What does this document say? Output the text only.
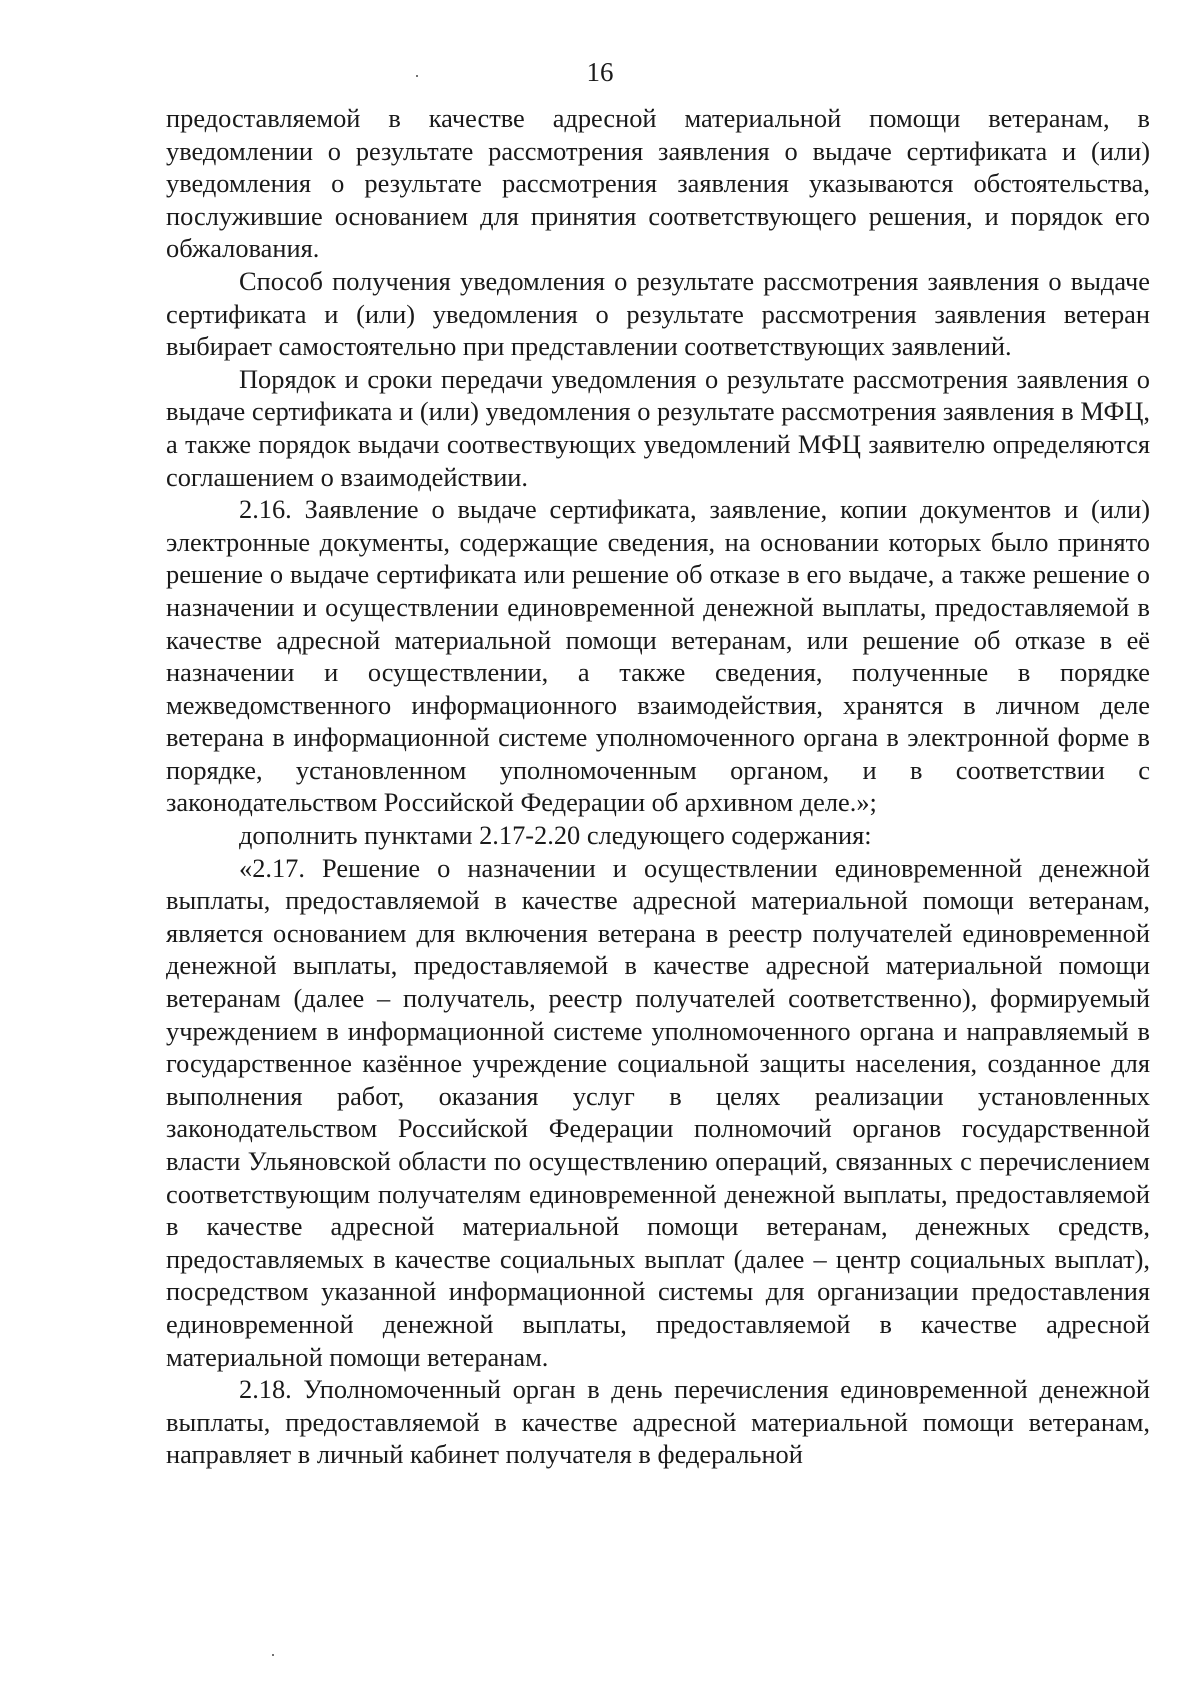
16

предоставляемой в качестве адресной материальной помощи ветеранам, в уведомлении о результате рассмотрения заявления о выдаче сертификата и (или) уведомления о результате рассмотрения заявления указываются обстоятельства, послужившие основанием для принятия соответствующего решения, и порядок его обжалования.

Способ получения уведомления о результате рассмотрения заявления о выдаче сертификата и (или) уведомления о результате рассмотрения заявления ветеран выбирает самостоятельно при представлении соответствующих заявлений.

Порядок и сроки передачи уведомления о результате рассмотрения заявления о выдаче сертификата и (или) уведомления о результате рассмотрения заявления в МФЦ, а также порядок выдачи соотвествующих уведомлений МФЦ заявителю определяются соглашением о взаимодействии.

2.16. Заявление о выдаче сертификата, заявление, копии документов и (или) электронные документы, содержащие сведения, на основании которых было принято решение о выдаче сертификата или решение об отказе в его выдаче, а также решение о назначении и осуществлении единовременной денежной выплаты, предоставляемой в качестве адресной материальной помощи ветеранам, или решение об отказе в её назначении и осуществлении, а также сведения, полученные в порядке межведомственного информационного взаимодействия, хранятся в личном деле ветерана в информационной системе уполномоченного органа в электронной форме в порядке, установленном уполномоченным органом, и в соответствии с законодательством Российской Федерации об архивном деле.»;

дополнить пунктами 2.17-2.20 следующего содержания:

«2.17. Решение о назначении и осуществлении единовременной денежной выплаты, предоставляемой в качестве адресной материальной помощи ветеранам, является основанием для включения ветерана в реестр получателей единовременной денежной выплаты, предоставляемой в качестве адресной материальной помощи ветеранам (далее – получатель, реестр получателей соответственно), формируемый учреждением в информационной системе уполномоченного органа и направляемый в государственное казённое учреждение социальной защиты населения, созданное для выполнения работ, оказания услуг в целях реализации установленных законодательством Российской Федерации полномочий органов государственной власти Ульяновской области по осуществлению операций, связанных с перечислением соответствующим получателям единовременной денежной выплаты, предоставляемой в качестве адресной материальной помощи ветеранам, денежных средств, предоставляемых в качестве социальных выплат (далее – центр социальных выплат), посредством указанной информационной системы для организации предоставления единовременной денежной выплаты, предоставляемой в качестве адресной материальной помощи ветеранам.

2.18. Уполномоченный орган в день перечисления единовременной денежной выплаты, предоставляемой в качестве адресной материальной помощи ветеранам, направляет в личный кабинет получателя в федеральной
